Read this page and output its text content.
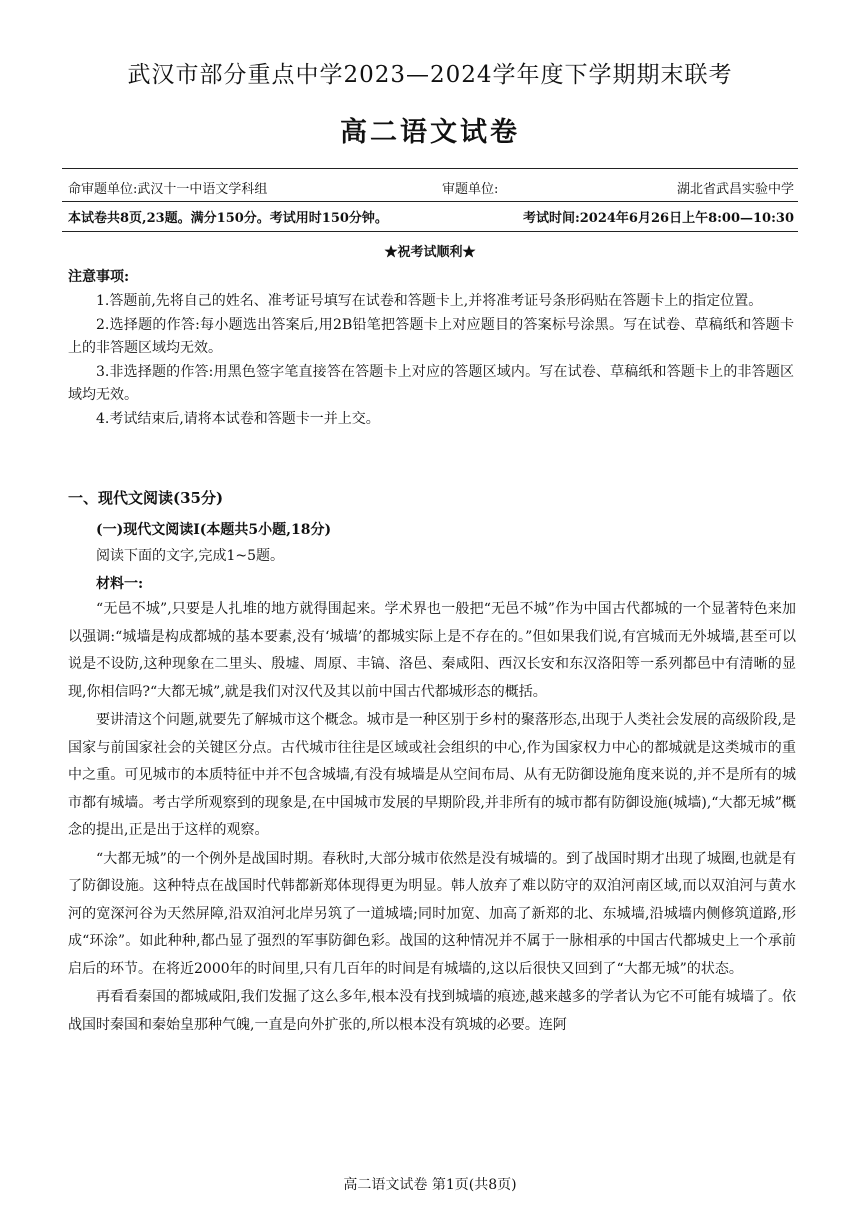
武汉市部分重点中学2023—2024学年度下学期期末联考
高二语文试卷
命审题单位:武汉十一中语文学科组	审题单位:	湖北省武昌实验中学
本试卷共8页,23题。满分150分。考试用时150分钟。	考试时间:2024年6月26日上午8:00—10:30
★祝考试顺利★
注意事项:
1.答题前,先将自己的姓名、准考证号填写在试卷和答题卡上,并将准考证号条形码贴在答题卡上的指定位置。
2.选择题的作答:每小题选出答案后,用2B铅笔把答题卡上对应题目的答案标号涂黑。写在试卷、草稿纸和答题卡上的非答题区域均无效。
3.非选择题的作答:用黑色签字笔直接答在答题卡上对应的答题区域内。写在试卷、草稿纸和答题卡上的非答题区域均无效。
4.考试结束后,请将本试卷和答题卡一并上交。
一、现代文阅读(35分)
(一)现代文阅读Ⅰ(本题共5小题,18分)
阅读下面的文字,完成1~5题。
材料一:

“无邑不城”,只要是人扎堆的地方就得围起来。学术界也一般把“无邑不城”作为中国古代都城的一个显著特色来加以强调:“城墙是构成都城的基本要素,没有‘城墙’的都城实际上是不存在的。”但如果我们说,有宫城而无外城墙,甚至可以说是不设防,这种现象在二里头、殷墟、周原、丰镐、洛邑、秦咸阳、西汉长安和东汉洛阳等一系列都邑中有清晰的显现,你相信吗?“大都无城”,就是我们对汉代及其以前中国古代都城形态的概括。

要讲清这个问题,就要先了解城市这个概念。城市是一种区别于乡村的聚落形态,出现于人类社会发展的高级阶段,是国家与前国家社会的关键区分点。古代城市往往是区域或社会组织的中心,作为国家权力中心的都城就是这类城市的重中之重。可见城市的本质特征中并不包含城墙,有没有城墙是从空间布局、从有无防御设施角度来说的,并不是所有的城市都有城墙。考古学所观察到的现象是,在中国城市发展的早期阶段,并非所有的城市都有防御设施(城墙),“大都无城”概念的提出,正是出于这样的观察。

“大都无城”的一个例外是战国时期。春秋时,大部分城市依然是没有城墙的。到了战国时期才出现了城圈,也就是有了防御设施。这种特点在战国时代韩都新郑体现得更为明显。韩人放弃了难以防守的双洎河南区域,而以双洎河与黄水河的宽深河谷为天然屏障,沿双洎河北岸另筑了一道城墙;同时加宽、加高了新郑的北、东城墙,沿城墙内侧修筑道路,形成“环涂”。如此种种,都凸显了强烈的军事防御色彩。战国的这种情况并不属于一脉相承的中国古代都城史上一个承前启后的环节。在将近2000年的时间里,只有几百年的时间是有城墙的,这以后很快又回到了“大都无城”的状态。

再看看秦国的都城咸阳,我们发掘了这么多年,根本没有找到城墙的痕迹,越来越多的学者认为它不可能有城墙了。依战国时秦国和秦始皇那种气魄,一直是向外扩张的,所以根本没有筑城的必要。连阿

高二语文试卷 第1页(共8页)
